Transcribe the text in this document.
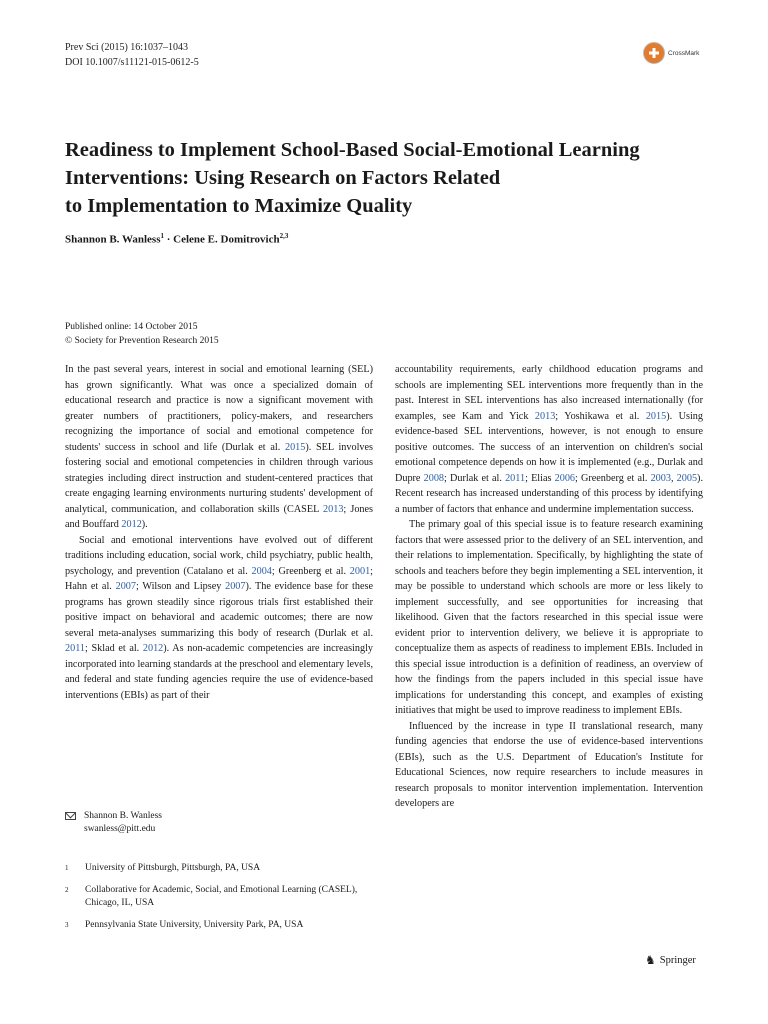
Prev Sci (2015) 16:1037–1043
DOI 10.1007/s11121-015-0612-5
CrossMark
Readiness to Implement School-Based Social-Emotional Learning
Interventions: Using Research on Factors Related
to Implementation to Maximize Quality
Shannon B. Wanless$^1$ · Celene E. Domitrovich$^{2,3}$
Published online: 14 October 2015
© Society for Prevention Research 2015

In the past several years, interest in social and emotional learning (SEL) has grown significantly. What was once a specialized domain of educational research and practice is now a significant movement with greater numbers of practitioners, policy-makers, and researchers recognizing the importance of social and emotional competence for students' success in school and life (Durlak et al. 2015). SEL involves fostering social and emotional competencies in children through various strategies including direct instruction and student-centered practices that create engaging learning environments nurturing students' development of analytical, communication, and collaboration skills (CASEL 2013; Jones and Bouffard 2012).

Social and emotional interventions have evolved out of different traditions including education, social work, child psychiatry, public health, psychology, and prevention (Catalano et al. 2004; Greenberg et al. 2001; Hahn et al. 2007; Wilson and Lipsey 2007). The evidence base for these programs has grown steadily since rigorous trials first established their positive impact on behavioral and academic outcomes; there are now several meta-analyses summarizing this body of research (Durlak et al. 2011; Sklad et al. 2012). As non-academic competencies are increasingly incorporated into learning standards at the preschool and elementary levels, and federal and state funding agencies require the use of evidence-based interventions (EBIs) as part of their

accountability requirements, early childhood education programs and schools are implementing SEL interventions more frequently than in the past. Interest in SEL interventions has also increased internationally (for examples, see Kam and Yick 2013; Yoshikawa et al. 2015). Using evidence-based SEL interventions, however, is not enough to ensure positive outcomes. The success of an intervention on children's social emotional competence depends on how it is implemented (e.g., Durlak and Dupre 2008; Durlak et al. 2011; Elias 2006; Greenberg et al. 2003, 2005). Recent research has increased understanding of this process by identifying a number of factors that enhance and undermine implementation success.

The primary goal of this special issue is to feature research examining factors that were assessed prior to the delivery of an SEL intervention, and their relations to implementation. Specifically, by highlighting the state of schools and teachers before they begin implementing a SEL intervention, it may be possible to understand which schools are more or less likely to implement successfully, and see opportunities for increasing that likelihood. Given that the factors researched in this special issue were evident prior to intervention delivery, we believe it is appropriate to conceptualize them as aspects of readiness to implement EBIs. Included in this special issue introduction is a definition of readiness, an overview of how the findings from the papers included in this special issue have implications for understanding this concept, and examples of existing initiatives that might be used to improve readiness to implement EBIs.

Influenced by the increase in type II translational research, many funding agencies that endorse the use of evidence-based interventions (EBIs), such as the U.S. Department of Education's Institute for Educational Sciences, now require researchers to include measures in research proposals to monitor intervention implementation. Intervention developers are

Shannon B. Wanless
swanless@pitt.edu
1	University of Pittsburgh, Pittsburgh, PA, USA
2	Collaborative for Academic, Social, and Emotional Learning (CASEL), Chicago, IL, USA
3	Pennsylvania State University, University Park, PA, USA
♞ Springer
